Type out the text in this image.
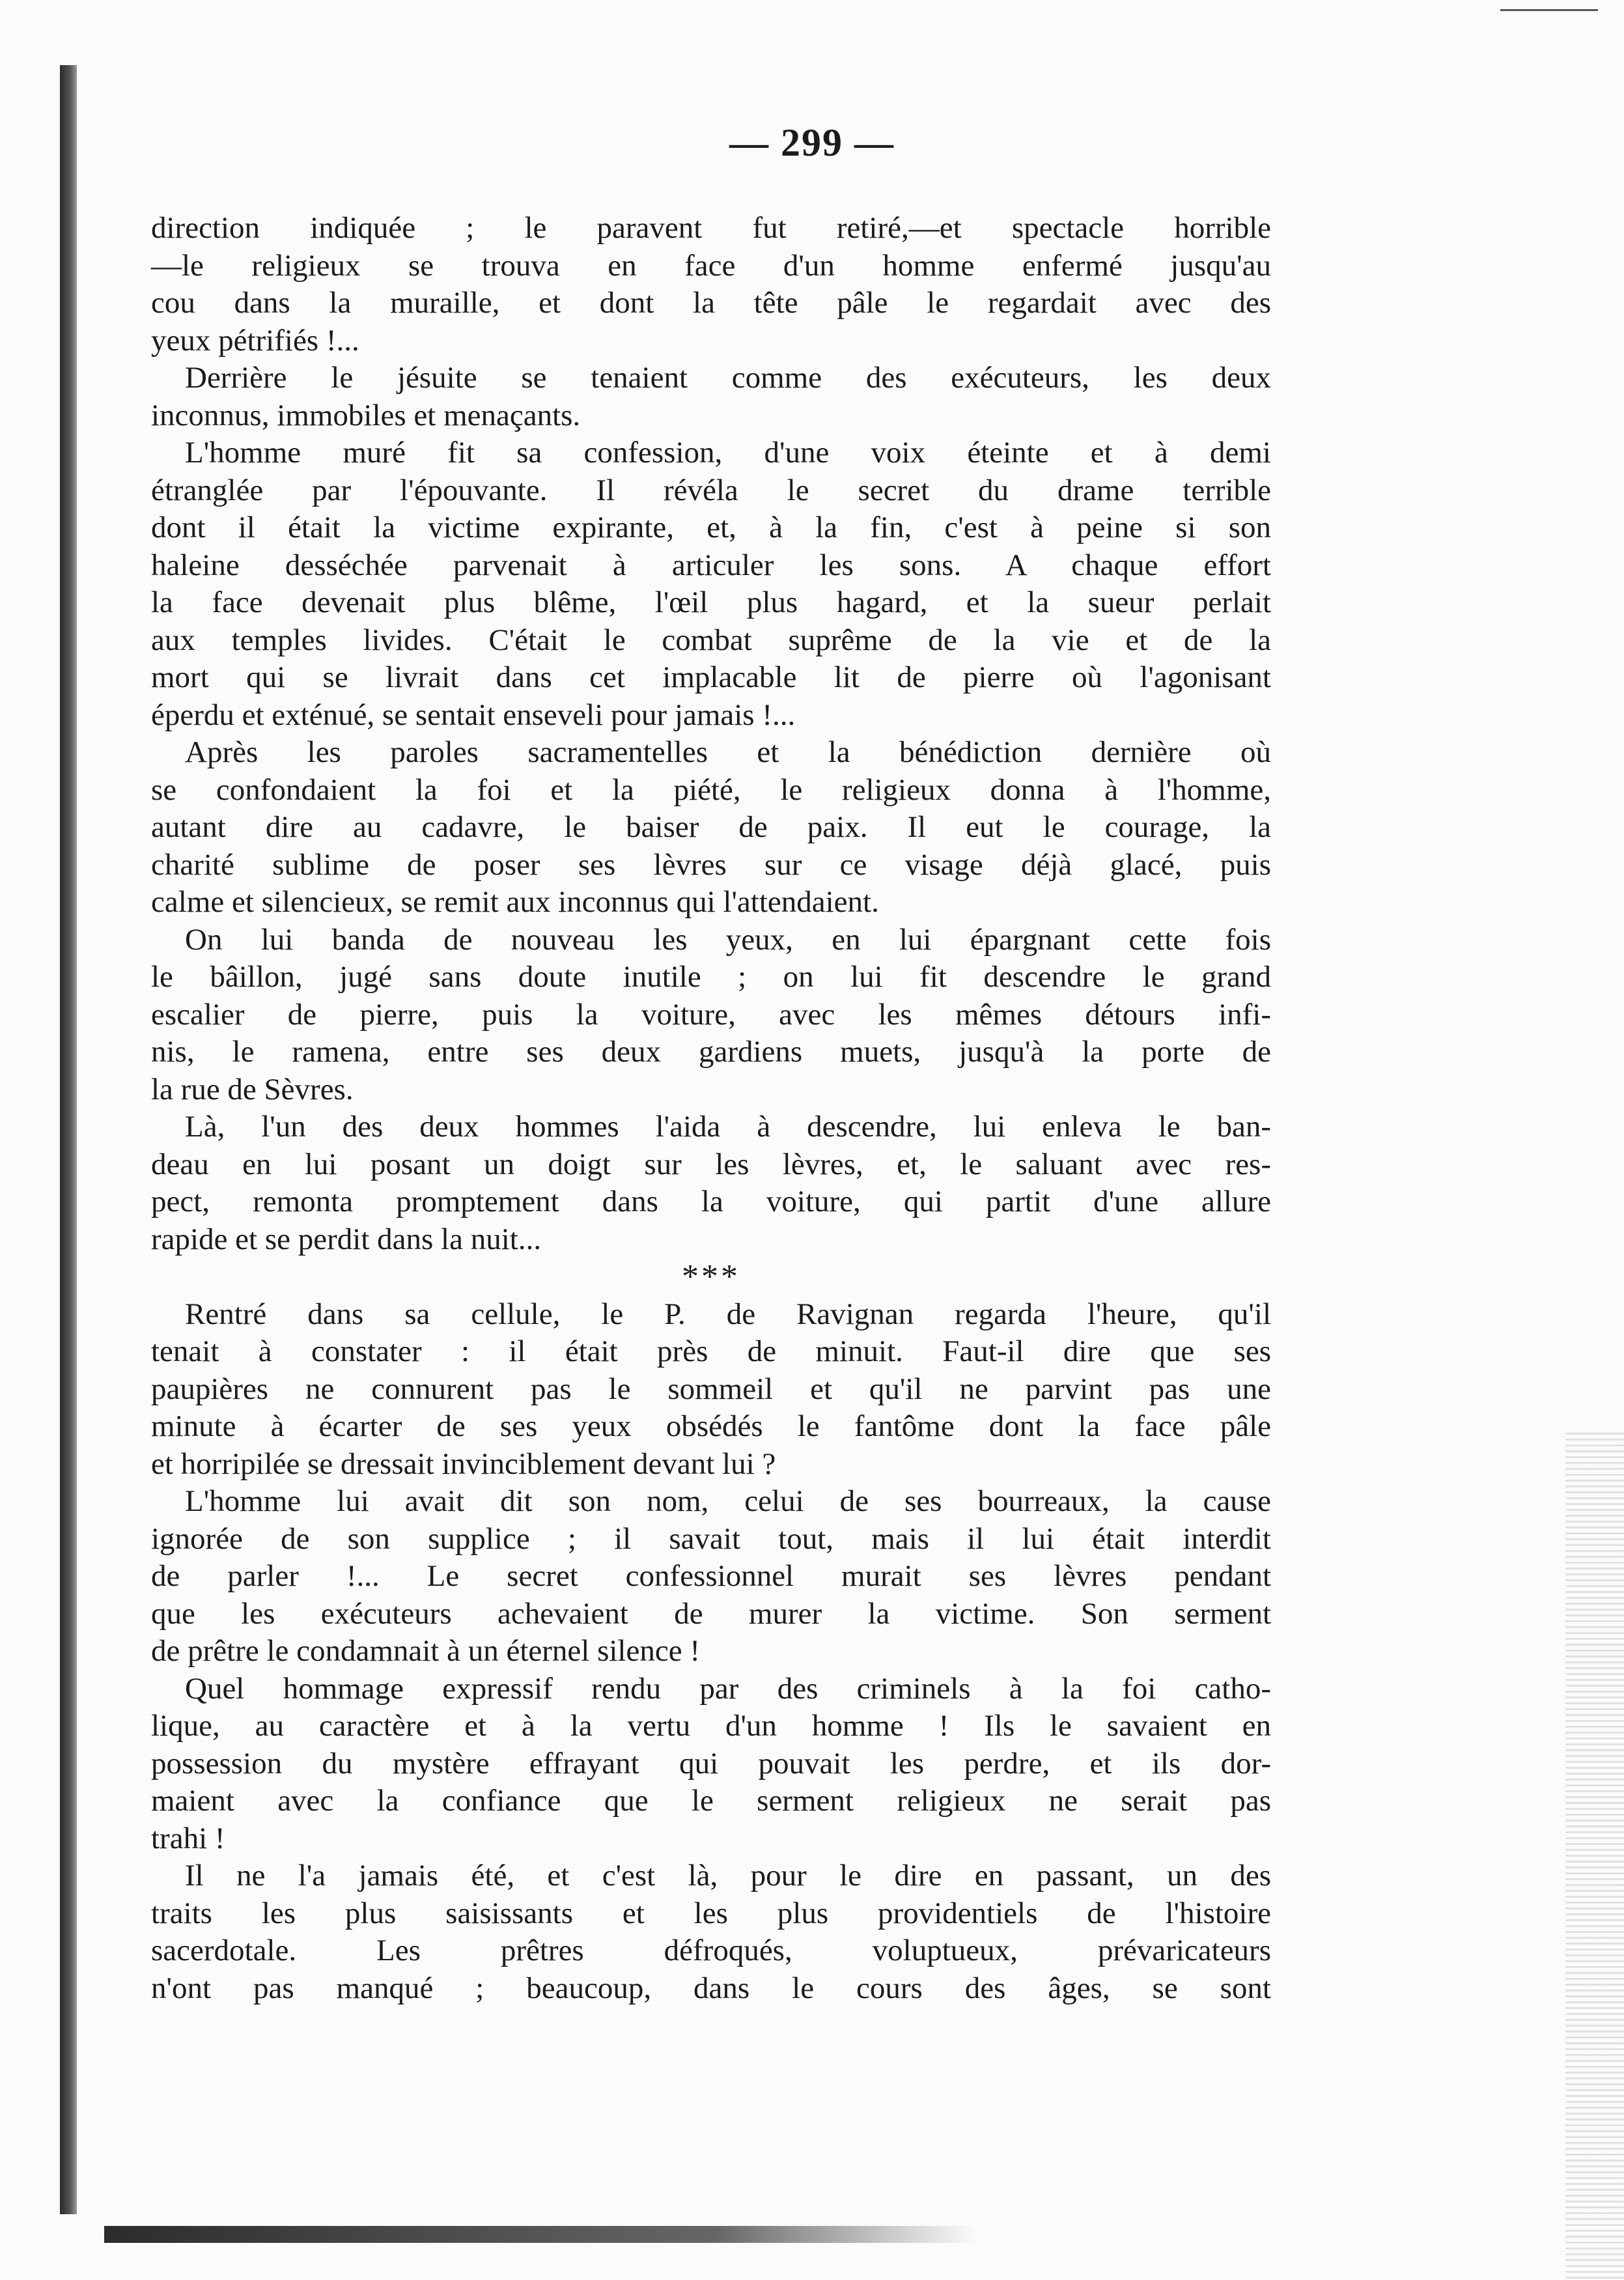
— 299 —
direction indiquée ; le paravent fut retiré,—et spectacle horrible
—le religieux se trouva en face d'un homme enfermé jusqu'au
cou dans la muraille, et dont la tête pâle le regardait avec des
yeux pétrifiés !...
Derrière le jésuite se tenaient comme des exécuteurs, les deux
inconnus, immobiles et menaçants.
L'homme muré fit sa confession, d'une voix éteinte et à demi
étranglée par l'épouvante. Il révéla le secret du drame terrible
dont il était la victime expirante, et, à la fin, c'est à peine si son
haleine desséchée parvenait à articuler les sons. A chaque effort
la face devenait plus blême, l'œil plus hagard, et la sueur perlait
aux temples livides. C'était le combat suprême de la vie et de la
mort qui se livrait dans cet implacable lit de pierre où l'agonisant
éperdu et exténué, se sentait enseveli pour jamais !...
Après les paroles sacramentelles et la bénédiction dernière où
se confondaient la foi et la piété, le religieux donna à l'homme,
autant dire au cadavre, le baiser de paix. Il eut le courage, la
charité sublime de poser ses lèvres sur ce visage déjà glacé, puis
calme et silencieux, se remit aux inconnus qui l'attendaient.
On lui banda de nouveau les yeux, en lui épargnant cette fois
le bâillon, jugé sans doute inutile ; on lui fit descendre le grand
escalier de pierre, puis la voiture, avec les mêmes détours infi-
nis, le ramena, entre ses deux gardiens muets, jusqu'à la porte de
la rue de Sèvres.
Là, l'un des deux hommes l'aida à descendre, lui enleva le ban-
deau en lui posant un doigt sur les lèvres, et, le saluant avec res-
pect, remonta promptement dans la voiture, qui partit d'une allure
rapide et se perdit dans la nuit...
***
Rentré dans sa cellule, le P. de Ravignan regarda l'heure, qu'il
tenait à constater : il était près de minuit. Faut-il dire que ses
paupières ne connurent pas le sommeil et qu'il ne parvint pas une
minute à écarter de ses yeux obsédés le fantôme dont la face pâle
et horripilée se dressait invinciblement devant lui ?
L'homme lui avait dit son nom, celui de ses bourreaux, la cause
ignorée de son supplice ; il savait tout, mais il lui était interdit
de parler !... Le secret confessionnel murait ses lèvres pendant
que les exécuteurs achevaient de murer la victime. Son serment
de prêtre le condamnait à un éternel silence !
Quel hommage expressif rendu par des criminels à la foi catho-
lique, au caractère et à la vertu d'un homme ! Ils le savaient en
possession du mystère effrayant qui pouvait les perdre, et ils dor-
maient avec la confiance que le serment religieux ne serait pas
trahi !
Il ne l'a jamais été, et c'est là, pour le dire en passant, un des
traits les plus saisissants et les plus providentiels de l'histoire
sacerdotale. Les prêtres défroqués, voluptueux, prévaricateurs
n'ont pas manqué ; beaucoup, dans le cours des âges, se sont
